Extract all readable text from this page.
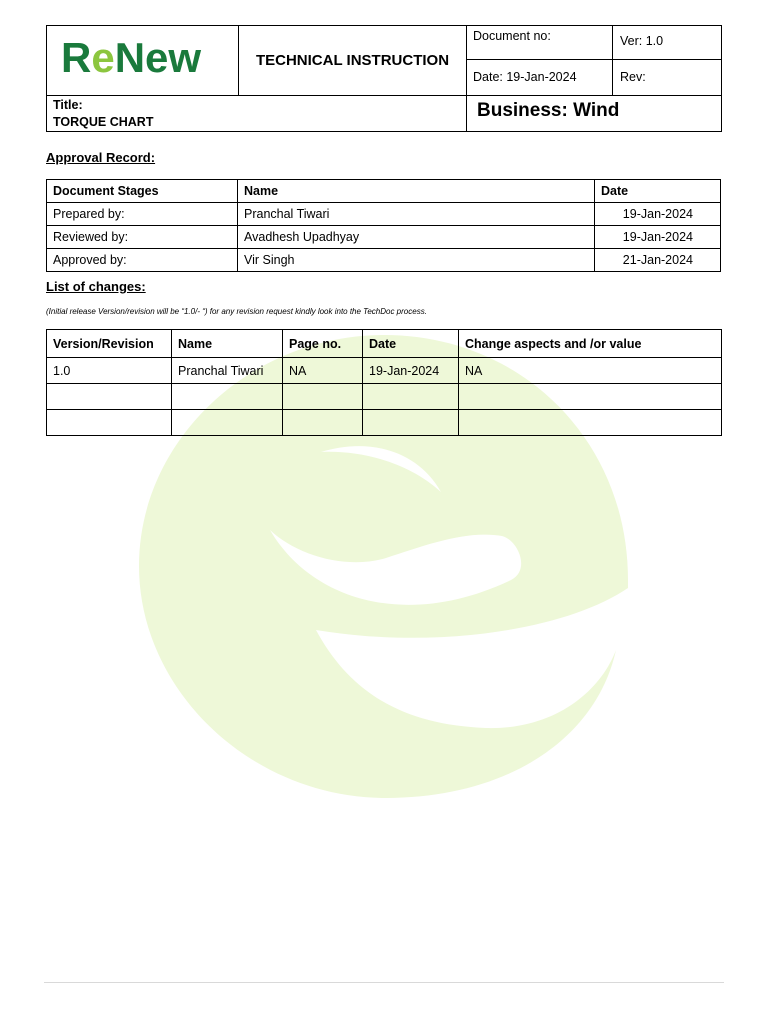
ReNew	TECHNICAL INSTRUCTION
Document no:	Ver: 1.0
Date: 19-Jan-2024	Rev:
Title:
TORQUE CHART
Business: Wind
Approval Record:
Document Stages	Name	Date
Prepared by:	Pranchal Tiwari	19-Jan-2024
Reviewed by:	Avadhesh Upadhyay	19-Jan-2024
Approved by:	Vir Singh	21-Jan-2024
List of changes:
(Initial release Version/revision will be “1.0/- “) for any revision request kindly look into the TechDoc process.
Version/Revision	Name	Page no.	Date	Change aspects and /or value
1.0	Pranchal Tiwari	NA	19-Jan-2024	NA
